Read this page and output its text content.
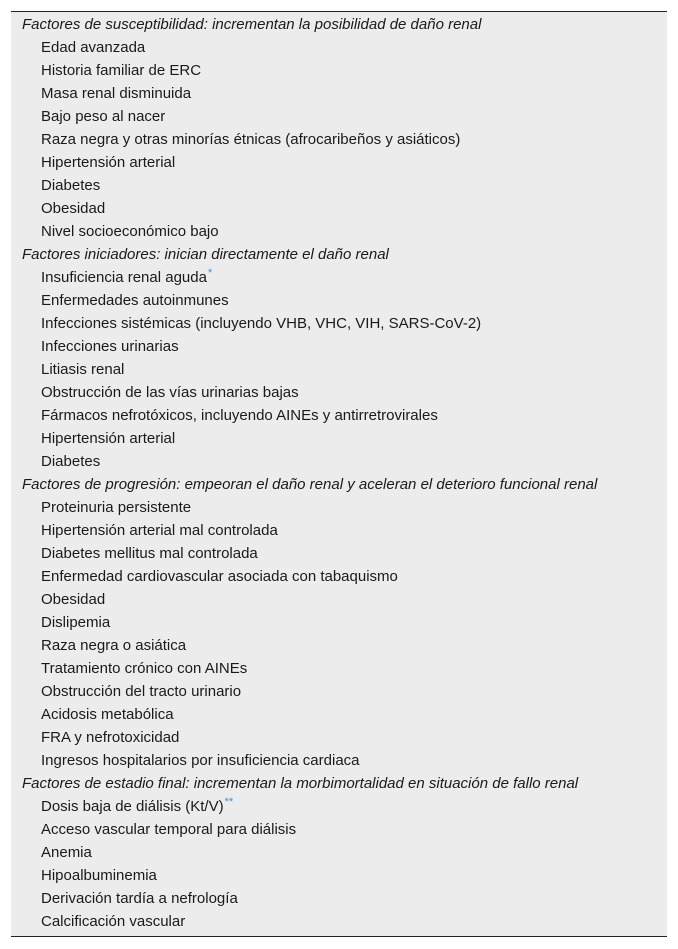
Factores de susceptibilidad: incrementan la posibilidad de daño renal
Edad avanzada
Historia familiar de ERC
Masa renal disminuida
Bajo peso al nacer
Raza negra y otras minorías étnicas (afrocaribeños y asiáticos)
Hipertensión arterial
Diabetes
Obesidad
Nivel socioeconómico bajo
Factores iniciadores: inician directamente el daño renal
Insuficiencia renal aguda*
Enfermedades autoinmunes
Infecciones sistémicas (incluyendo VHB, VHC, VIH, SARS-CoV-2)
Infecciones urinarias
Litiasis renal
Obstrucción de las vías urinarias bajas
Fármacos nefrotóxicos, incluyendo AINEs y antirretrovirales
Hipertensión arterial
Diabetes
Factores de progresión: empeoran el daño renal y aceleran el deterioro funcional renal
Proteinuria persistente
Hipertensión arterial mal controlada
Diabetes mellitus mal controlada
Enfermedad cardiovascular asociada con tabaquismo
Obesidad
Dislipemia
Raza negra o asiática
Tratamiento crónico con AINEs
Obstrucción del tracto urinario
Acidosis metabólica
FRA y nefrotoxicidad
Ingresos hospitalarios por insuficiencia cardiaca
Factores de estadio final: incrementan la morbimortalidad en situación de fallo renal
Dosis baja de diálisis (Kt/V)**
Acceso vascular temporal para diálisis
Anemia
Hipoalbuminemia
Derivación tardía a nefrología
Calcificación vascular
